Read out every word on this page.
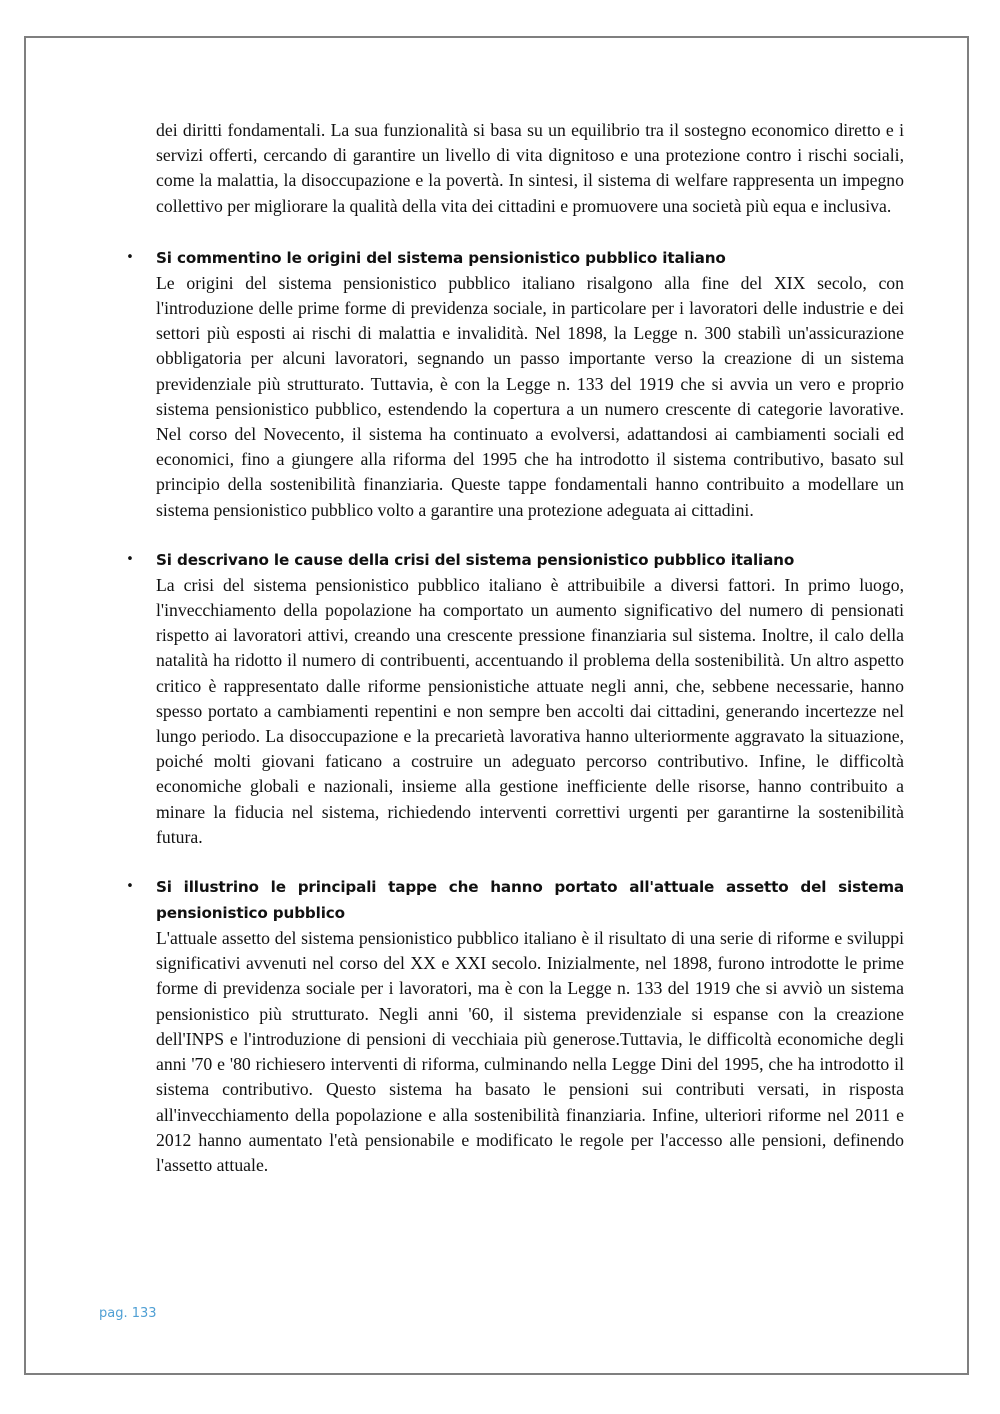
dei diritti fondamentali. La sua funzionalità si basa su un equilibrio tra il sostegno economico diretto e i servizi offerti, cercando di garantire un livello di vita dignitoso e una protezione contro i rischi sociali, come la malattia, la disoccupazione e la povertà. In sintesi, il sistema di welfare rappresenta un impegno collettivo per migliorare la qualità della vita dei cittadini e promuovere una società più equa e inclusiva.

• Si commentino le origini del sistema pensionistico pubblico italiano

Le origini del sistema pensionistico pubblico italiano risalgono alla fine del XIX secolo, con l'introduzione delle prime forme di previdenza sociale, in particolare per i lavoratori delle industrie e dei settori più esposti ai rischi di malattia e invalidità. Nel 1898, la Legge n. 300 stabilì un'assicurazione obbligatoria per alcuni lavoratori, segnando un passo importante verso la creazione di un sistema previdenziale più strutturato. Tuttavia, è con la Legge n. 133 del 1919 che si avvia un vero e proprio sistema pensionistico pubblico, estendendo la copertura a un numero crescente di categorie lavorative. Nel corso del Novecento, il sistema ha continuato a evolversi, adattandosi ai cambiamenti sociali ed economici, fino a giungere alla riforma del 1995 che ha introdotto il sistema contributivo, basato sul principio della sostenibilità finanziaria. Queste tappe fondamentali hanno contribuito a modellare un sistema pensionistico pubblico volto a garantire una protezione adeguata ai cittadini.

• Si descrivano le cause della crisi del sistema pensionistico pubblico italiano

La crisi del sistema pensionistico pubblico italiano è attribuibile a diversi fattori. In primo luogo, l'invecchiamento della popolazione ha comportato un aumento significativo del numero di pensionati rispetto ai lavoratori attivi, creando una crescente pressione finanziaria sul sistema. Inoltre, il calo della natalità ha ridotto il numero di contribuenti, accentuando il problema della sostenibilità. Un altro aspetto critico è rappresentato dalle riforme pensionistiche attuate negli anni, che, sebbene necessarie, hanno spesso portato a cambiamenti repentini e non sempre ben accolti dai cittadini, generando incertezze nel lungo periodo. La disoccupazione e la precarietà lavorativa hanno ulteriormente aggravato la situazione, poiché molti giovani faticano a costruire un adeguato percorso contributivo. Infine, le difficoltà economiche globali e nazionali, insieme alla gestione inefficiente delle risorse, hanno contribuito a minare la fiducia nel sistema, richiedendo interventi correttivi urgenti per garantirne la sostenibilità futura.

• Si illustrino le principali tappe che hanno portato all'attuale assetto del sistema pensionistico pubblico

L'attuale assetto del sistema pensionistico pubblico italiano è il risultato di una serie di riforme e sviluppi significativi avvenuti nel corso del XX e XXI secolo. Inizialmente, nel 1898, furono introdotte le prime forme di previdenza sociale per i lavoratori, ma è con la Legge n. 133 del 1919 che si avviò un sistema pensionistico più strutturato. Negli anni '60, il sistema previdenziale si espanse con la creazione dell'INPS e l'introduzione di pensioni di vecchiaia più generose.Tuttavia, le difficoltà economiche degli anni '70 e '80 richiesero interventi di riforma, culminando nella Legge Dini del 1995, che ha introdotto il sistema contributivo. Questo sistema ha basato le pensioni sui contributi versati, in risposta all'invecchiamento della popolazione e alla sostenibilità finanziaria. Infine, ulteriori riforme nel 2011 e 2012 hanno aumentato l'età pensionabile e modificato le regole per l'accesso alle pensioni, definendo l'assetto attuale.

pag. 133
